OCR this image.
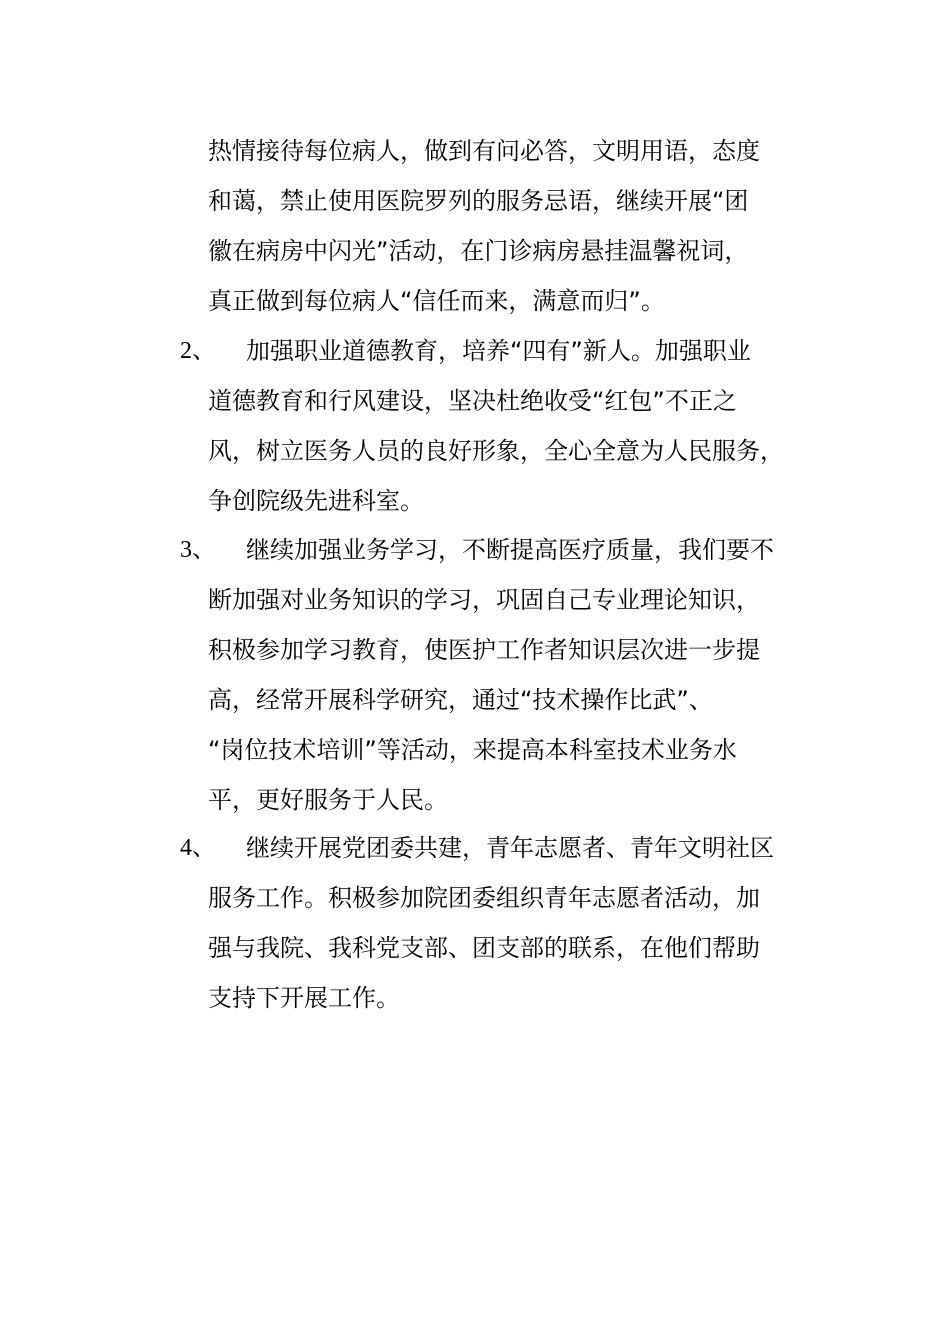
热情接待每位病人，做到有问必答，文明用语，态度
和蔼，禁止使用医院罗列的服务忌语，继续开展“团
徽在病房中闪光”活动，在门诊病房悬挂温馨祝词，
真正做到每位病人“信任而来，满意而归”。
2、 加强职业道德教育，培养“四有”新人。加强职业
道德教育和行风建设，坚决杜绝收受“红包”不正之
风，树立医务人员的良好形象，全心全意为人民服务，
争创院级先进科室。
3、 继续加强业务学习，不断提高医疗质量，我们要不
断加强对业务知识的学习，巩固自己专业理论知识，
积极参加学习教育，使医护工作者知识层次进一步提
高，经常开展科学研究，通过“技术操作比武”、
“岗位技术培训”等活动，来提高本科室技术业务水
平，更好服务于人民。
4、 继续开展党团委共建，青年志愿者、青年文明社区
服务工作。积极参加院团委组织青年志愿者活动，加
强与我院、我科党支部、团支部的联系，在他们帮助
支持下开展工作。
